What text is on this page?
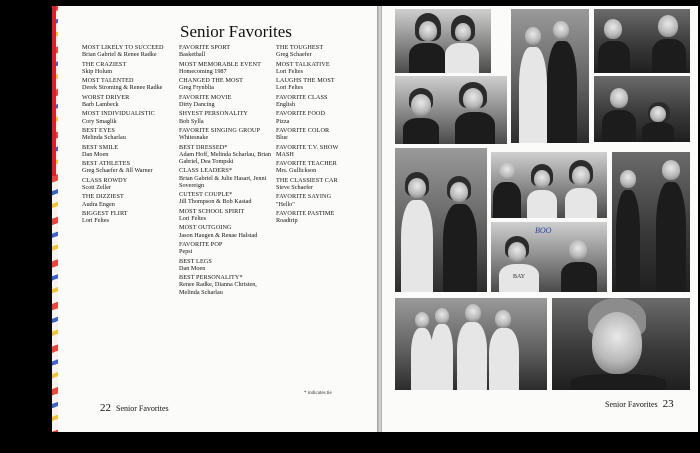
Senior Favorites
MOST LIKELY TO SUCCEED
Brian Gabriel & Renee Radke
THE CRAZIEST
Skip Holum
MOST TALENTED
Derek Stroming & Renee Radke
WORST DRIVER
Barb Lambeck
MOST INDIVIDUALISTIC
Cory Smaglik
BEST EYES
Melinda Scharlau
BEST SMILE
Dan Moen
BEST ATHLETES
Greg Schaefer & Jill Warner
CLASS ROWDY
Scott Zeller
THE DIZZIEST
Audra Engen
BIGGEST FLIRT
Lori Feltes
FAVORITE SPORT
Basketball
MOST MEMORABLE EVENT
Homecoming 1987
CHANGED THE MOST
Greg Frynblia
FAVORITE MOVIE
Dirty Dancing
SHYEST PERSONALITY
Bob Sylla
FAVORITE SINGING GROUP
Whitesnake
BEST DRESSED*
Adam Hoff, Melinda Scharlau, Brian Gabriel, Dea Tompski
CLASS LEADERS*
Brian Gabriel & Julie Hasart, Jenni Sovereign
CUTEST COUPLE*
Jill Thompson & Bob Kastad
MOST SCHOOL SPIRIT
Lori Feltes
MOST OUTGOING
Jason Haugen & Renae Halstad
FAVORITE POP
Pepsi
BEST LEGS
Dan Moen
BEST PERSONALITY*
Renee Radke, Dianna Christen, Melinda Scharlau
THE TOUGHEST
Greg Schaefer
MOST TALKATIVE
Lori Feltes
LAUGHS THE MOST
Lori Feltes
FAVORITE CLASS
English
FAVORITE FOOD
Pizza
FAVORITE COLOR
Blue
FAVORITE T.V. SHOW
MASH
FAVORITE TEACHER
Mrs. Gullickson
THE CLASSIEST CAR
Steve Schaefer
FAVORITE SAYING
"Hello"
FAVORITE PASTIME
Roadtrip
* indicates tie
22 Senior Favorites	Senior Favorites 23
BOO
BAY
